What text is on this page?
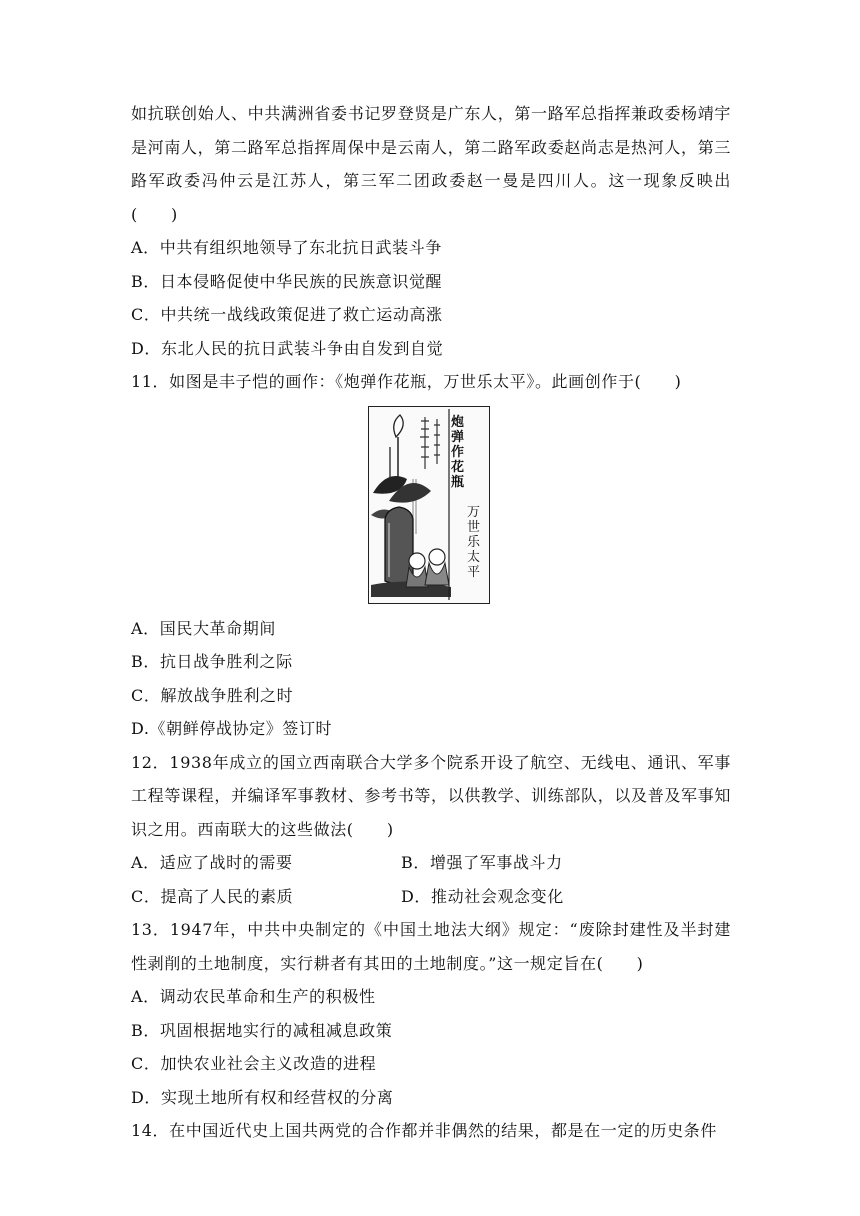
如抗联创始人、中共满洲省委书记罗登贤是广东人，第一路军总指挥兼政委杨靖宇是河南人，第二路军总指挥周保中是云南人，第二路军政委赵尚志是热河人，第三路军政委冯仲云是江苏人，第三军二团政委赵一曼是四川人。这一现象反映出(　　)

A．中共有组织地领导了东北抗日武装斗争

B．日本侵略促使中华民族的民族意识觉醒

C．中共统一战线政策促进了救亡运动高涨

D．东北人民的抗日武装斗争由自发到自觉

11．如图是丰子恺的画作：《炮弹作花瓶，万世乐太平》。此画创作于(　　)

炮弹作花瓶
万世乐太平

A．国民大革命期间

B．抗日战争胜利之际

C．解放战争胜利之时

D.《朝鲜停战协定》签订时

12．1938年成立的国立西南联合大学多个院系开设了航空、无线电、通讯、军事工程等课程，并编译军事教材、参考书等，以供教学、训练部队，以及普及军事知识之用。西南联大的这些做法(　　)

A．适应了战时的需要	B．增强了军事战斗力

C．提高了人民的素质	D．推动社会观念变化

13．1947年，中共中央制定的《中国土地法大纲》规定：“废除封建性及半封建性剥削的土地制度，实行耕者有其田的土地制度。”这一规定旨在(　　)

A．调动农民革命和生产的积极性

B．巩固根据地实行的减租减息政策

C．加快农业社会主义改造的进程

D．实现土地所有权和经营权的分离

14．在中国近代史上国共两党的合作都并非偶然的结果，都是在一定的历史条件
